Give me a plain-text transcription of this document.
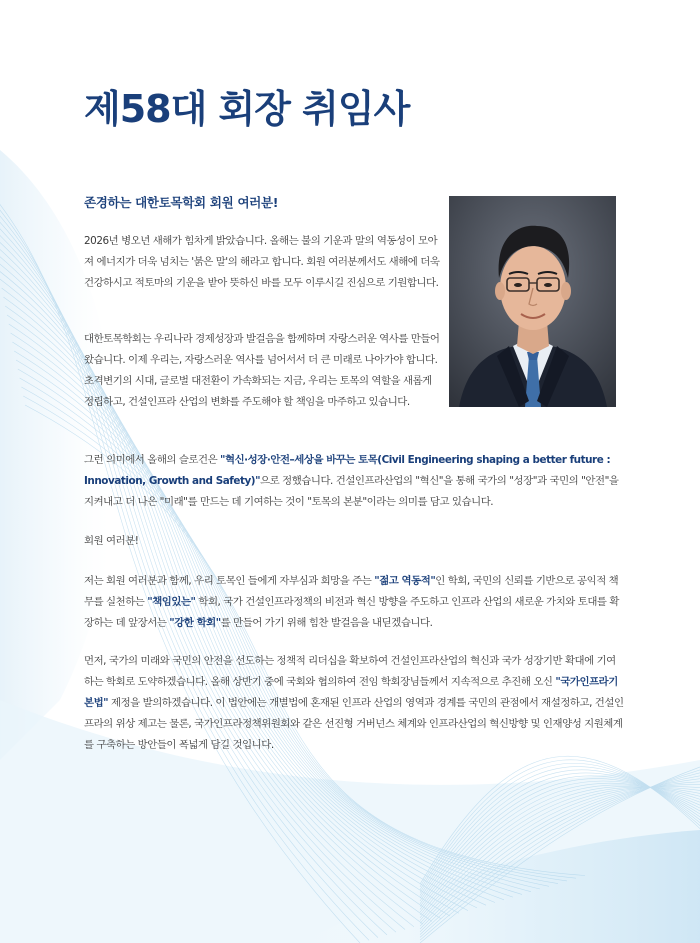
제58대 회장 취임사

존경하는 대한토목학회 회원 여러분!

2026년 병오년 새해가 힘차게 밝았습니다. 올해는 불의 기운과 말의 역동성이 모아져 에너지가 더욱 넘치는 '붉은 말'의 해라고 합니다. 회원 여러분께서도 새해에 더욱 건강하시고 적토마의 기운을 받아 뜻하신 바를 모두 이루시길 진심으로 기원합니다.

대한토목학회는 우리나라 경제성장과 발걸음을 함께하며 자랑스러운 역사를 만들어 왔습니다. 이제 우리는, 자랑스러운 역사를 넘어서서 더 큰 미래로 나아가야 합니다. 초격변기의 시대, 글로벌 대전환이 가속화되는 지금, 우리는 토목의 역할을 새롭게 정립하고, 건설인프라 산업의 변화를 주도해야 할 책임을 마주하고 있습니다.

그런 의미에서 올해의 슬로건은 "혁신·성장·안전–세상을 바꾸는 토목(Civil Engineering shaping a better future : Innovation, Growth and Safety)"으로 정했습니다. 건설인프라산업의 "혁신"을 통해 국가의 "성장"과 국민의 "안전"을 지켜내고 더 나은 "미래"를 만드는 데 기여하는 것이 "토목의 본분"이라는 의미를 담고 있습니다.

회원 여러분!

저는 회원 여러분과 함께, 우리 토목인 들에게 자부심과 희망을 주는 "젊고 역동적"인 학회, 국민의 신뢰를 기반으로 공익적 책무를 실천하는 "책임있는" 학회, 국가 건설인프라정책의 비전과 혁신 방향을 주도하고 인프라 산업의 새로운 가치와 토대를 확장하는 데 앞장서는 "강한 학회"를 만들어 가기 위해 힘찬 발걸음을 내딛겠습니다.

먼저, 국가의 미래와 국민의 안전을 선도하는 정책적 리더십을 확보하여 건설인프라산업의 혁신과 국가 성장기반 확대에 기여하는 학회로 도약하겠습니다. 올해 상반기 중에 국회와 협의하여 전임 학회장님들께서 지속적으로 추진해 오신 "국가인프라기본법" 제정을 발의하겠습니다. 이 법안에는 개별법에 혼재된 인프라 산업의 영역과 경계를 국민의 관점에서 재설정하고, 건설인프라의 위상 제고는 물론, 국가인프라정책위원회와 같은 선진형 거버넌스 체계와 인프라산업의 혁신방향 및 인재양성 지원체계를 구축하는 방안들이 폭넓게 담길 것입니다.
